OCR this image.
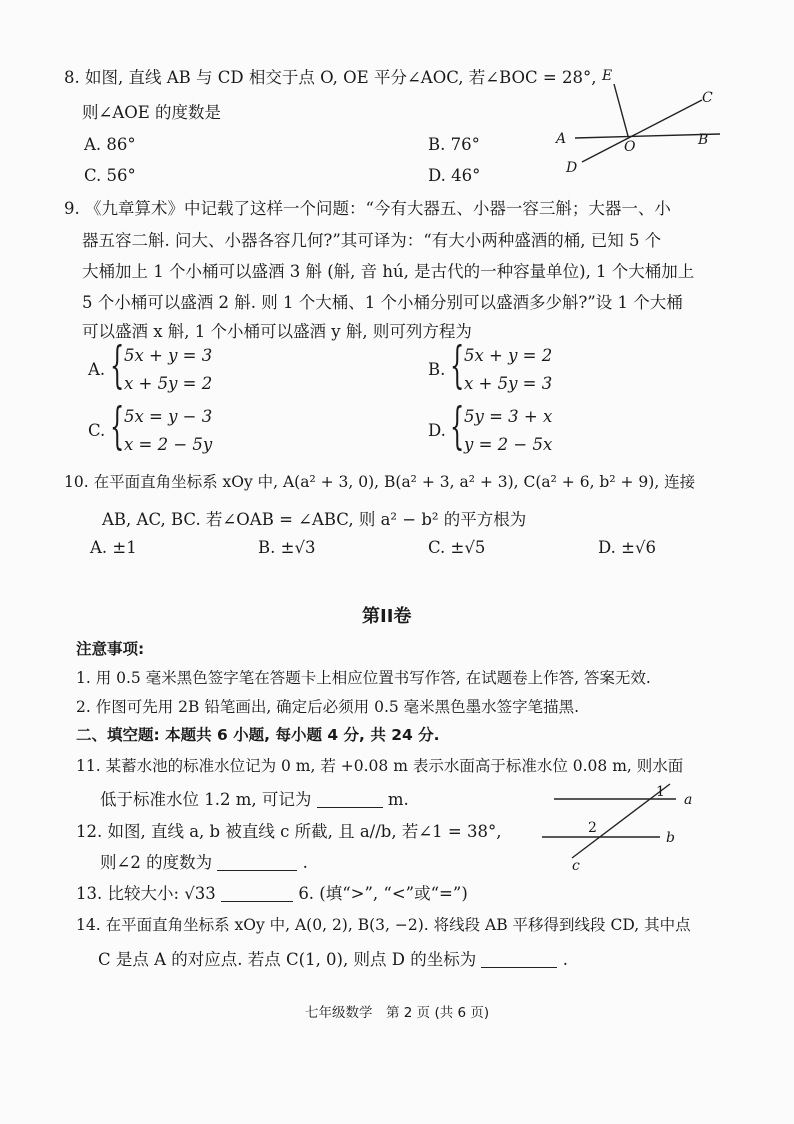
8. 如图, 直线 AB 与 CD 相交于点 O, OE 平分∠AOC, 若∠BOC = 28°,
则∠AOE 的度数是
A. 86°	B. 76°
C. 56°	D. 46°
E
C
A	O	B
D
9. 《九章算术》中记载了这样一个问题：“今有大器五、小器一容三斛；大器一、小
器五容二斛. 问大、小器各容几何?”其可译为：“有大小两种盛酒的桶, 已知 5 个
大桶加上 1 个小桶可以盛酒 3 斛 (斛, 音 hú, 是古代的一种容量单位), 1 个大桶加上
5 个小桶可以盛酒 2 斛. 则 1 个大桶、1 个小桶分别可以盛酒多少斛?”设 1 个大桶
可以盛酒 x 斛, 1 个小桶可以盛酒 y 斛, 则可列方程为
A. { 5x + y = 3
x + 5y = 2
B. { 5x + y = 2
x + 5y = 3
C. { 5x = y − 3
x = 2 − 5y
D. { 5y = 3 + x
y = 2 − 5x
10. 在平面直角坐标系 xOy 中, A(a² + 3, 0), B(a² + 3, a² + 3), C(a² + 6, b² + 9), 连接
AB, AC, BC. 若∠OAB = ∠ABC, 则 a² − b² 的平方根为
A. ±1	B. ±√3	C. ±√5	D. ±√6
第II卷
注意事项:
1. 用 0.5 毫米黑色签字笔在答题卡上相应位置书写作答, 在试题卷上作答, 答案无效.
2. 作图可先用 2B 铅笔画出, 确定后必须用 0.5 毫米黑色墨水签字笔描黑.
二、填空题: 本题共 6 小题, 每小题 4 分, 共 24 分.
11. 某蓄水池的标准水位记为 0 m, 若 +0.08 m 表示水面高于标准水位 0.08 m, 则水面
低于标准水位 1.2 m, 可记为	m.
12. 如图, 直线 a, b 被直线 c 所截, 且 a//b, 若∠1 = 38°,
则∠2 的度数为	.
1
2
a
b
c
13. 比较大小: √33	6. (填“>”, “<”或“=”)
14. 在平面直角坐标系 xOy 中, A(0, 2), B(3, −2). 将线段 AB 平移得到线段 CD, 其中点
C 是点 A 的对应点. 若点 C(1, 0), 则点 D 的坐标为	.
七年级数学　第 2 页 (共 6 页)
